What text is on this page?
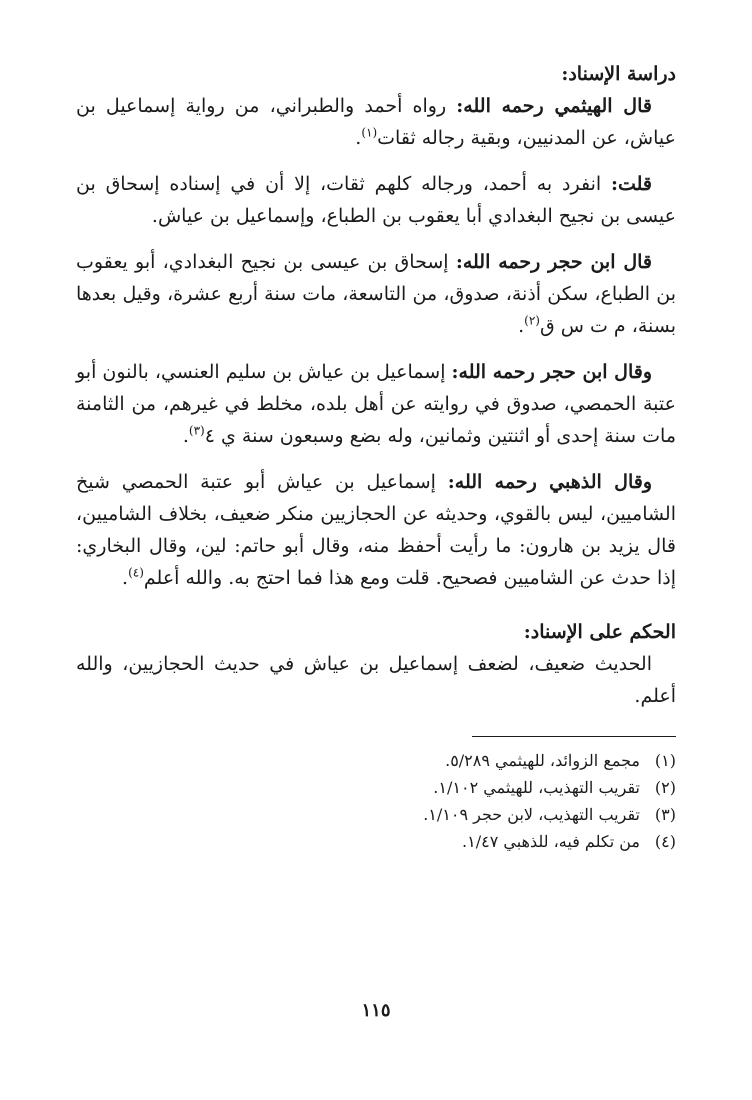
دراسة الإسناد:

قال الهيثمي رحمه الله: رواه أحمد والطبراني، من رواية إسماعيل بن عياش، عن المدنيين، وبقية رجاله ثقات$^{(١)}$.

قلت: انفرد به أحمد، ورجاله كلهم ثقات، إلا أن في إسناده إسحاق بن عيسى بن نجيح البغدادي أبا يعقوب بن الطباع، وإسماعيل بن عياش.

قال ابن حجر رحمه الله: إسحاق بن عيسى بن نجيح البغدادي، أبو يعقوب بن الطباع، سكن أذنة، صدوق، من التاسعة، مات سنة أربع عشرة، وقيل بعدها بسنة، م ت س ق$^{(٢)}$.

وقال ابن حجر رحمه الله: إسماعيل بن عياش بن سليم العنسي، بالنون أبو عتبة الحمصي، صدوق في روايته عن أهل بلده، مخلط في غيرهم، من الثامنة مات سنة إحدى أو اثنتين وثمانين، وله بضع وسبعون سنة ي ٤$^{(٣)}$.

وقال الذهبي رحمه الله: إسماعيل بن عياش أبو عتبة الحمصي شيخ الشاميين، ليس بالقوي، وحديثه عن الحجازيين منكر ضعيف، بخلاف الشاميين، قال يزيد بن هارون: ما رأيت أحفظ منه، وقال أبو حاتم: لين، وقال البخاري: إذا حدث عن الشاميين فصحيح. قلت ومع هذا فما احتج به. والله أعلم$^{(٤)}$.

الحكم على الإسناد:

الحديث ضعيف، لضعف إسماعيل بن عياش في حديث الحجازيين، والله أعلم.

(١)
مجمع الزوائد، للهيثمي ٥/٢٨٩.
(٢)
تقريب التهذيب، للهيثمي ١/١٠٢.
(٣)
تقريب التهذيب، لابن حجر ١/١٠٩.
(٤)
من تكلم فيه، للذهبي ١/٤٧.
١١٥
